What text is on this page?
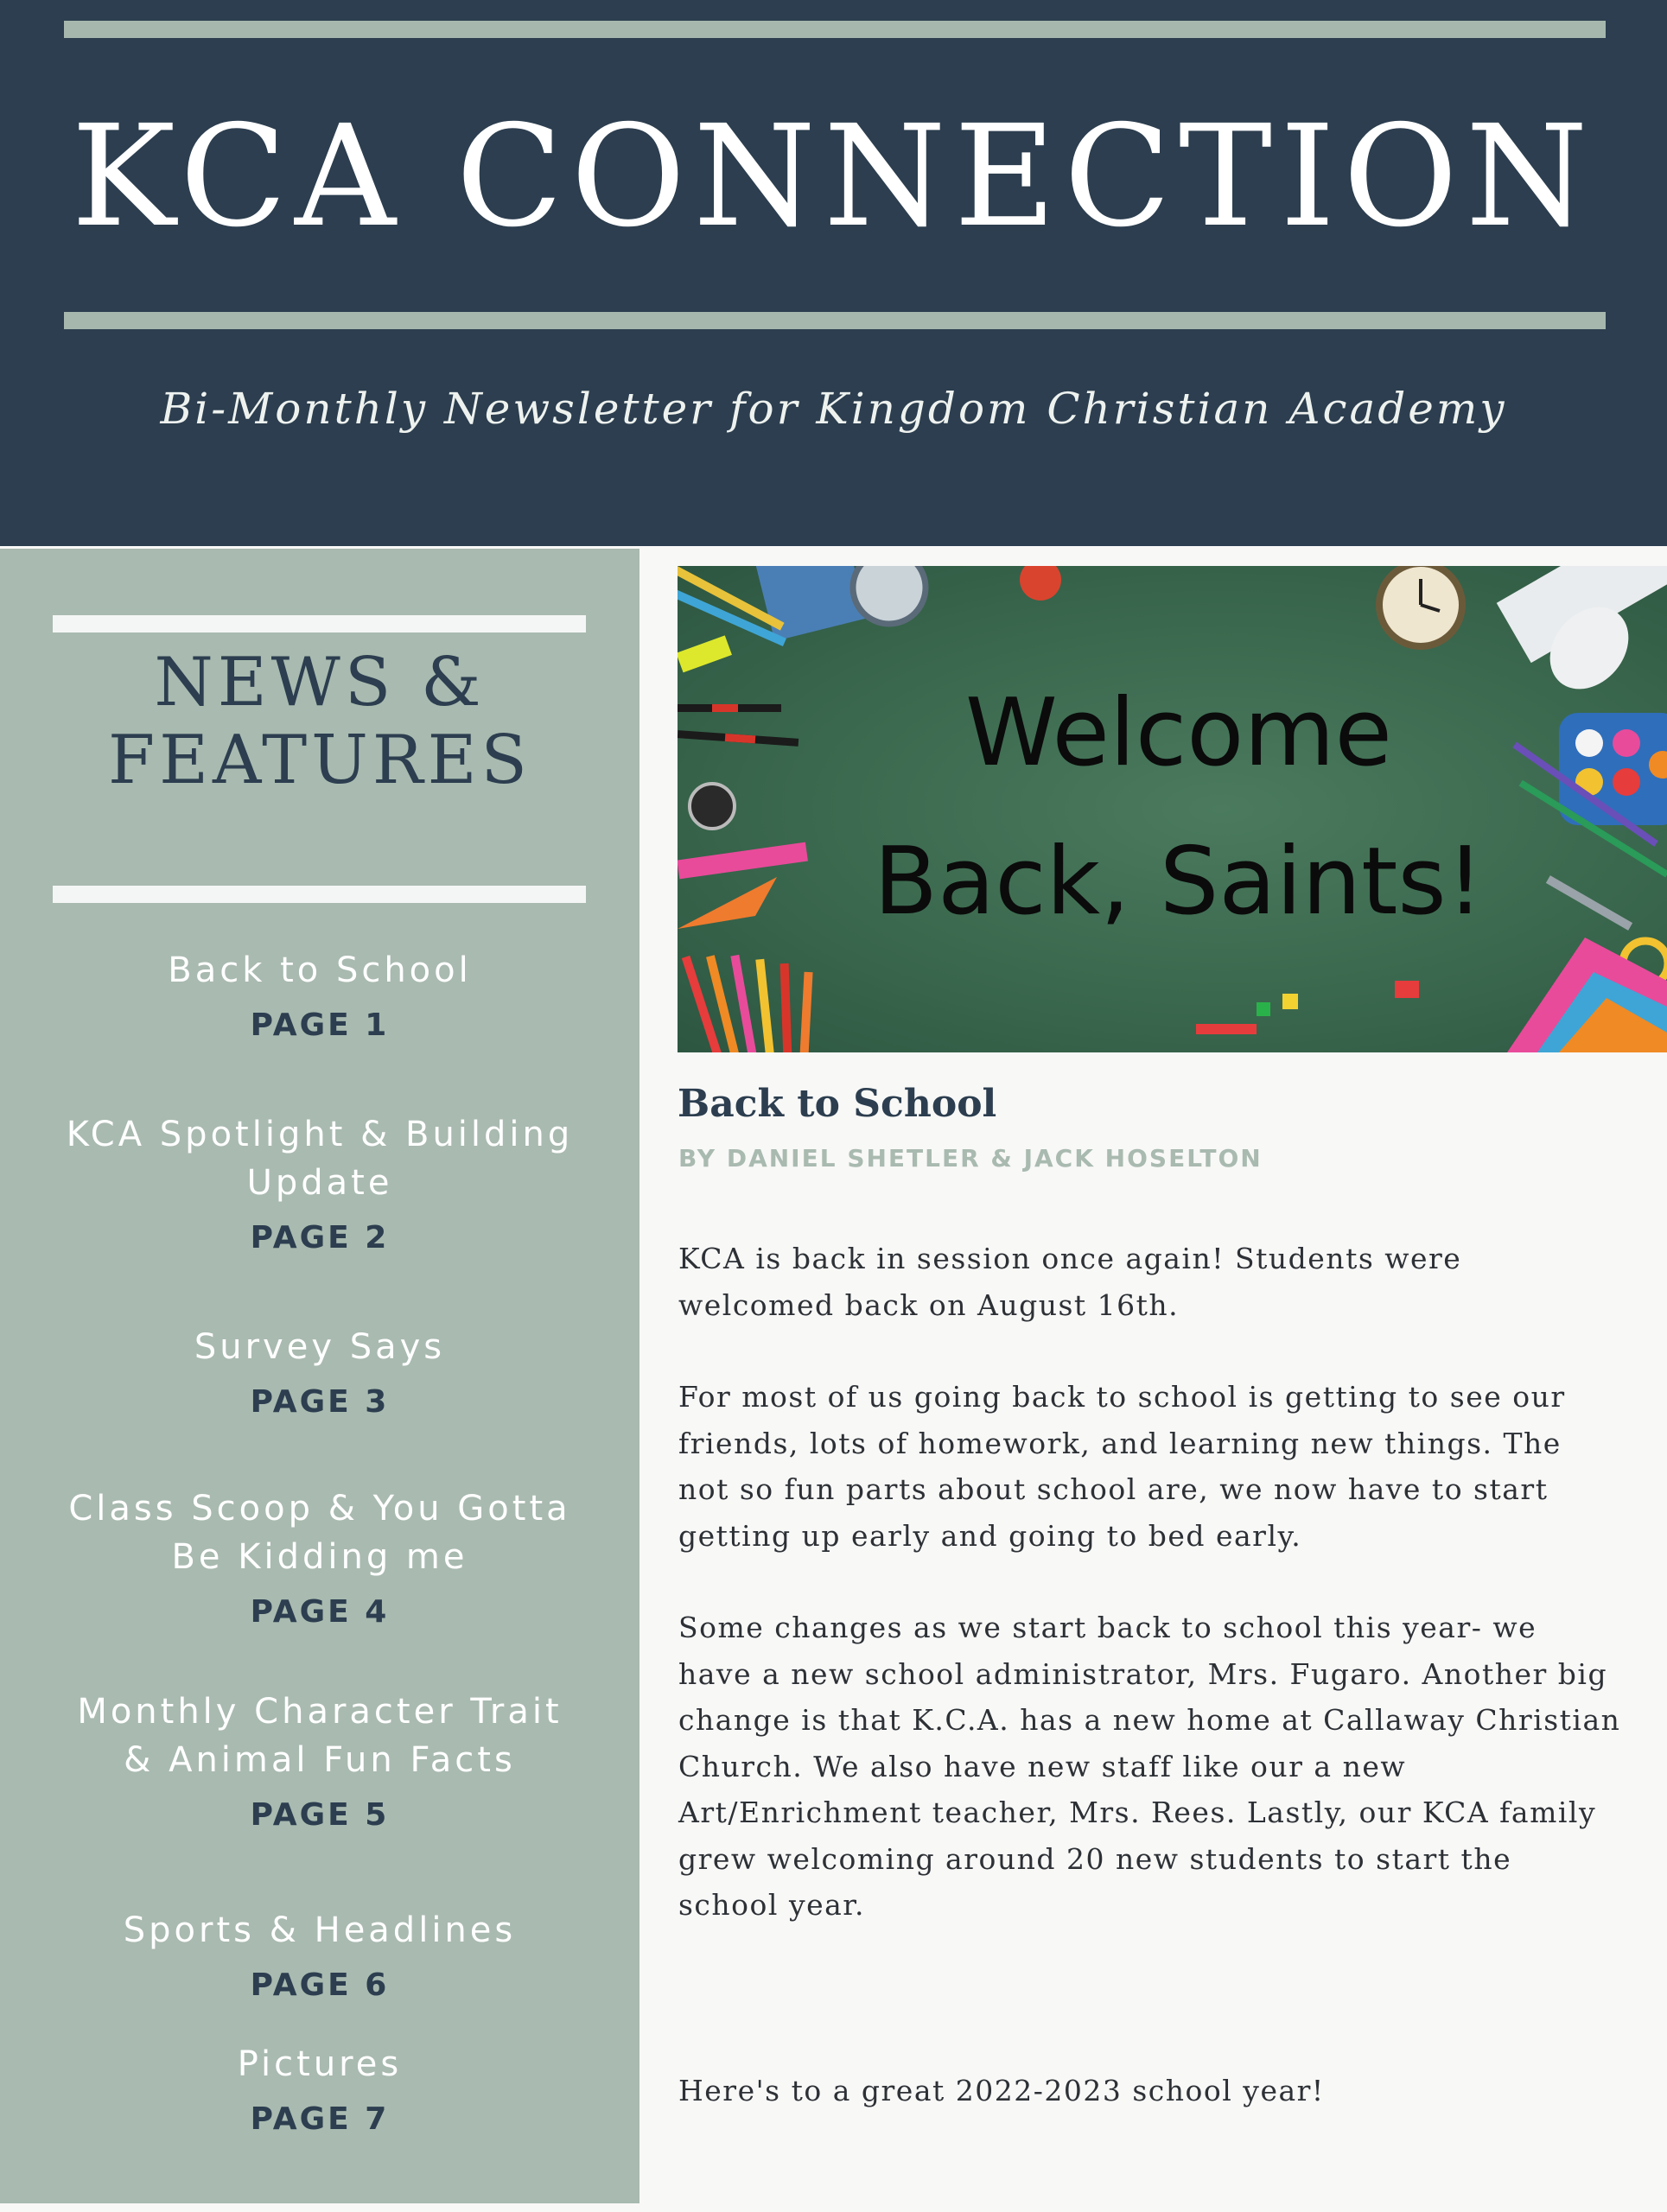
KCA CONNECTION
Bi-Monthly Newsletter for Kingdom Christian Academy
NEWS &
FEATURES
Back to School
PAGE 1
KCA Spotlight & Building
Update
PAGE 2
Survey Says
PAGE 3
Class Scoop & You Gotta
Be Kidding me
PAGE 4
Monthly Character Trait
& Animal Fun Facts
PAGE 5
Sports & Headlines
PAGE 6
Pictures
PAGE 7
Welcome
Back, Saints!
Back to School
BY DANIEL SHETLER & JACK HOSELTON
KCA is back in session once again! Students were
welcomed back on August 16th.
For most of us going back to school is getting to see our
friends, lots of homework, and learning new things. The
not so fun parts about school are, we now have to start
getting up early and going to bed early.
Some changes as we start back to school this year- we
have a new school administrator, Mrs. Fugaro. Another big
change is that K.C.A. has a new home at Callaway Christian
Church. We also have new staff like our a new
Art/Enrichment teacher, Mrs. Rees. Lastly, our KCA family
grew welcoming around 20 new students to start the
school year.
Here's to a great 2022-2023 school year!
